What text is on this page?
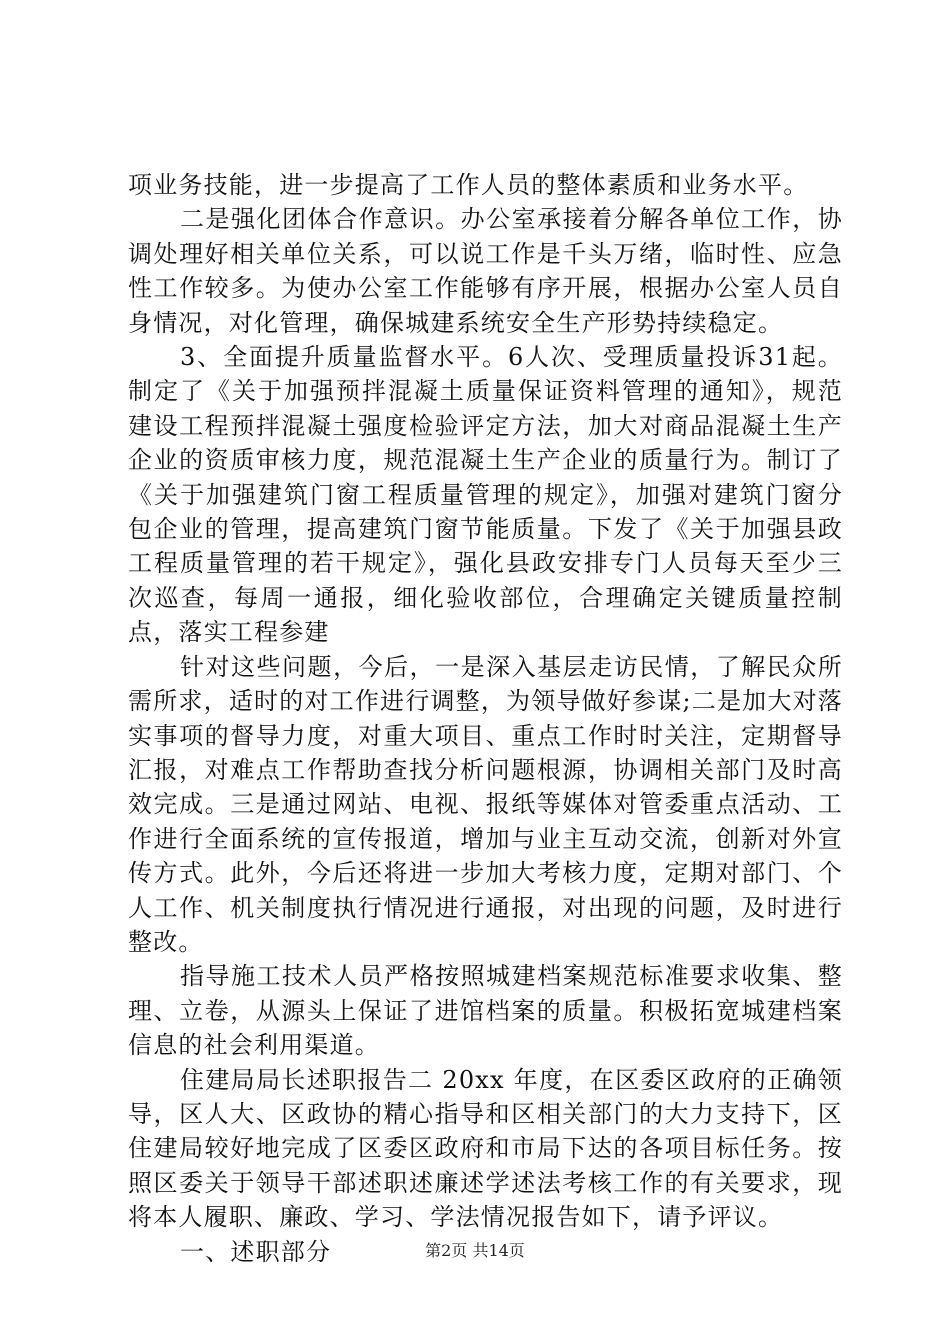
项业务技能，进一步提高了工作人员的整体素质和业务水平。

二是强化团体合作意识。办公室承接着分解各单位工作，协调处理好相关单位关系，可以说工作是千头万绪，临时性、应急性工作较多。为使办公室工作能够有序开展，根据办公室人员自身情况，对化管理，确保城建系统安全生产形势持续稳定。

3、全面提升质量监督水平。6人次、受理质量投诉31起。制定了《关于加强预拌混凝土质量保证资料管理的通知》，规范建设工程预拌混凝土强度检验评定方法，加大对商品混凝土生产企业的资质审核力度，规范混凝土生产企业的质量行为。制订了《关于加强建筑门窗工程质量管理的规定》，加强对建筑门窗分包企业的管理，提高建筑门窗节能质量。下发了《关于加强县政工程质量管理的若干规定》，强化县政安排专门人员每天至少三次巡查，每周一通报，细化验收部位，合理确定关键质量控制点，落实工程参建

针对这些问题，今后，一是深入基层走访民情，了解民众所需所求，适时的对工作进行调整，为领导做好参谋;二是加大对落实事项的督导力度，对重大项目、重点工作时时关注，定期督导汇报，对难点工作帮助查找分析问题根源，协调相关部门及时高效完成。三是通过网站、电视、报纸等媒体对管委重点活动、工作进行全面系统的宣传报道，增加与业主互动交流，创新对外宣传方式。此外，今后还将进一步加大考核力度，定期对部门、个人工作、机关制度执行情况进行通报，对出现的问题，及时进行整改。

指导施工技术人员严格按照城建档案规范标准要求收集、整理、立卷，从源头上保证了进馆档案的质量。积极拓宽城建档案信息的社会利用渠道。

住建局局长述职报告二 20xx 年度，在区委区政府的正确领导，区人大、区政协的精心指导和区相关部门的大力支持下，区住建局较好地完成了区委区政府和市局下达的各项目标任务。按照区委关于领导干部述职述廉述学述法考核工作的有关要求，现将本人履职、廉政、学习、学法情况报告如下，请予评议。

一、述职部分	第2页 共14页
